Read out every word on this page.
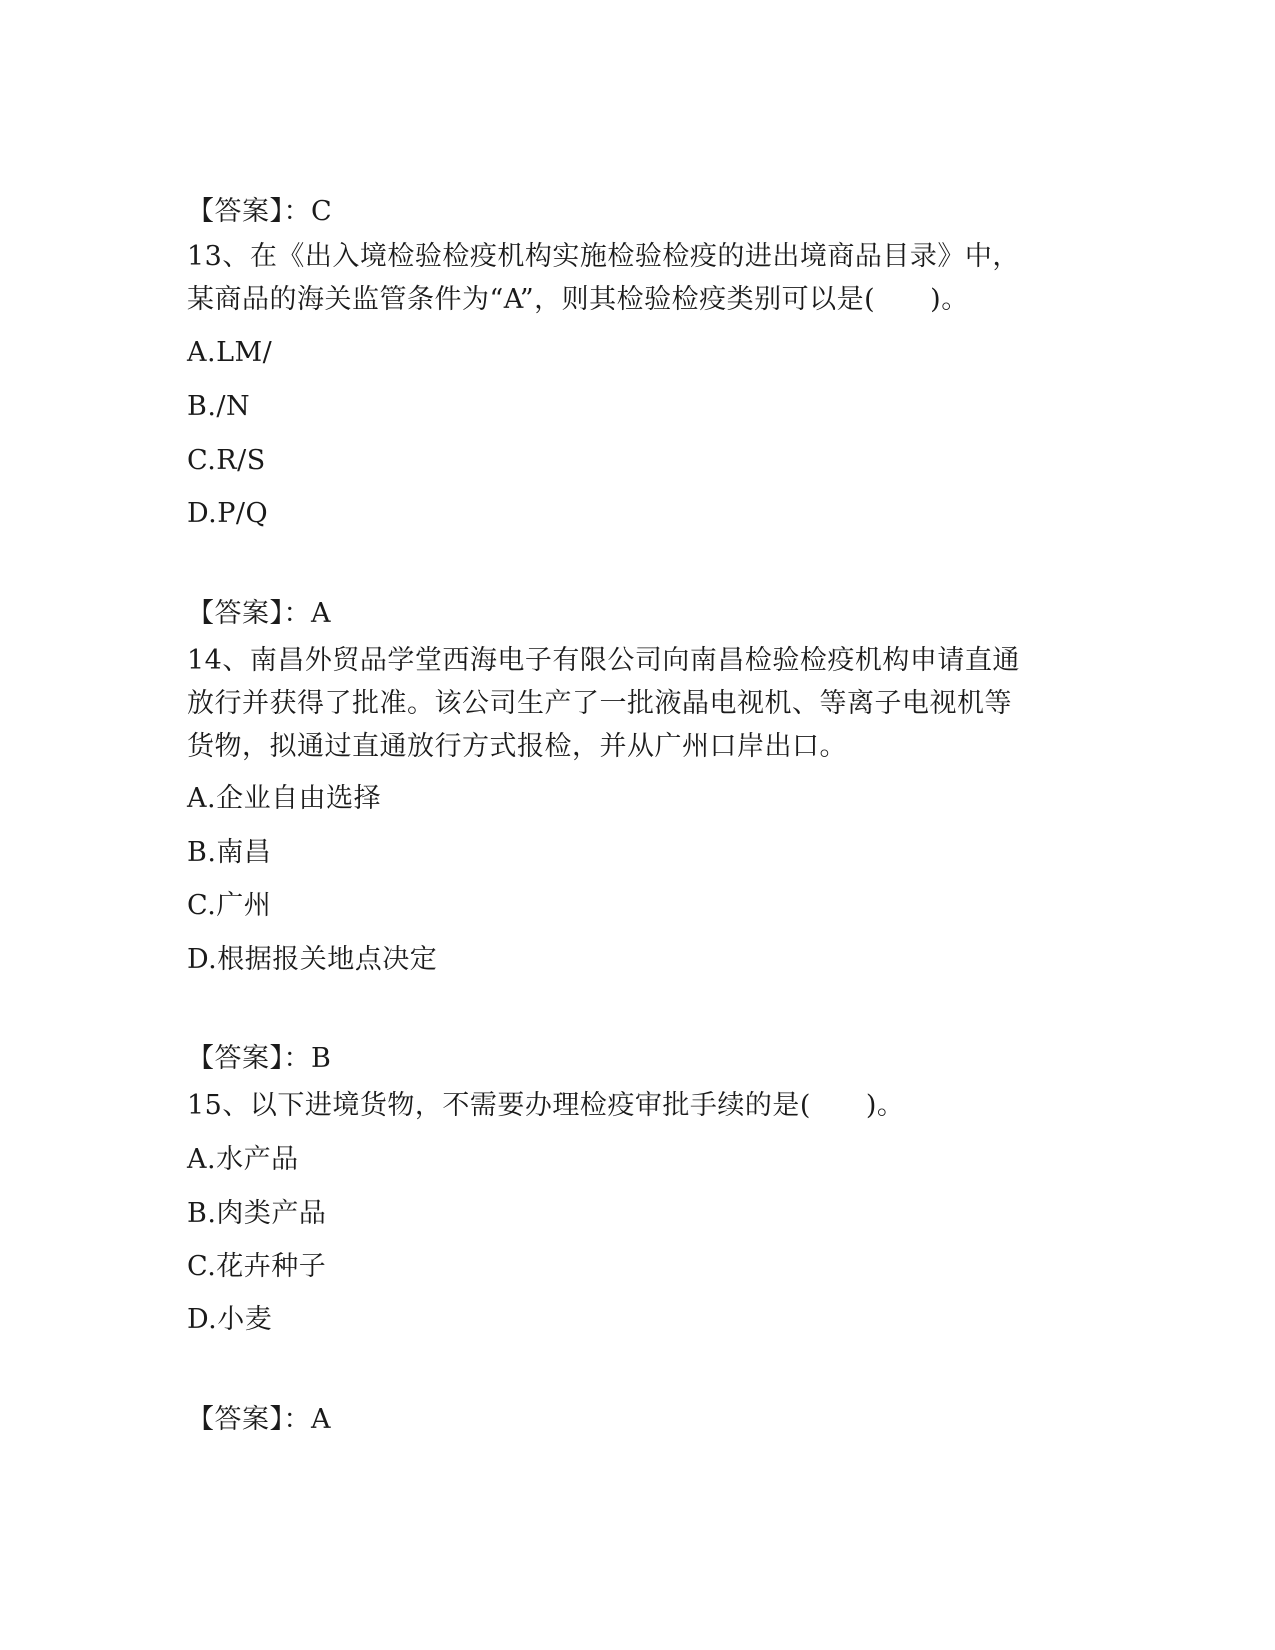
【答案】：C
13、在《出入境检验检疫机构实施检验检疫的进出境商品目录》中，
某商品的海关监管条件为“A”，则其检验检疫类别可以是(　　)。
A.LM/
B./N
C.R/S
D.P/Q
【答案】：A
14、南昌外贸品学堂西海电子有限公司向南昌检验检疫机构申请直通
放行并获得了批准。该公司生产了一批液晶电视机、等离子电视机等
货物，拟通过直通放行方式报检，并从广州口岸出口。
A.企业自由选择
B.南昌
C.广州
D.根据报关地点决定
【答案】：B
15、以下进境货物，不需要办理检疫审批手续的是(　　)。
A.水产品
B.肉类产品
C.花卉种子
D.小麦
【答案】：A
